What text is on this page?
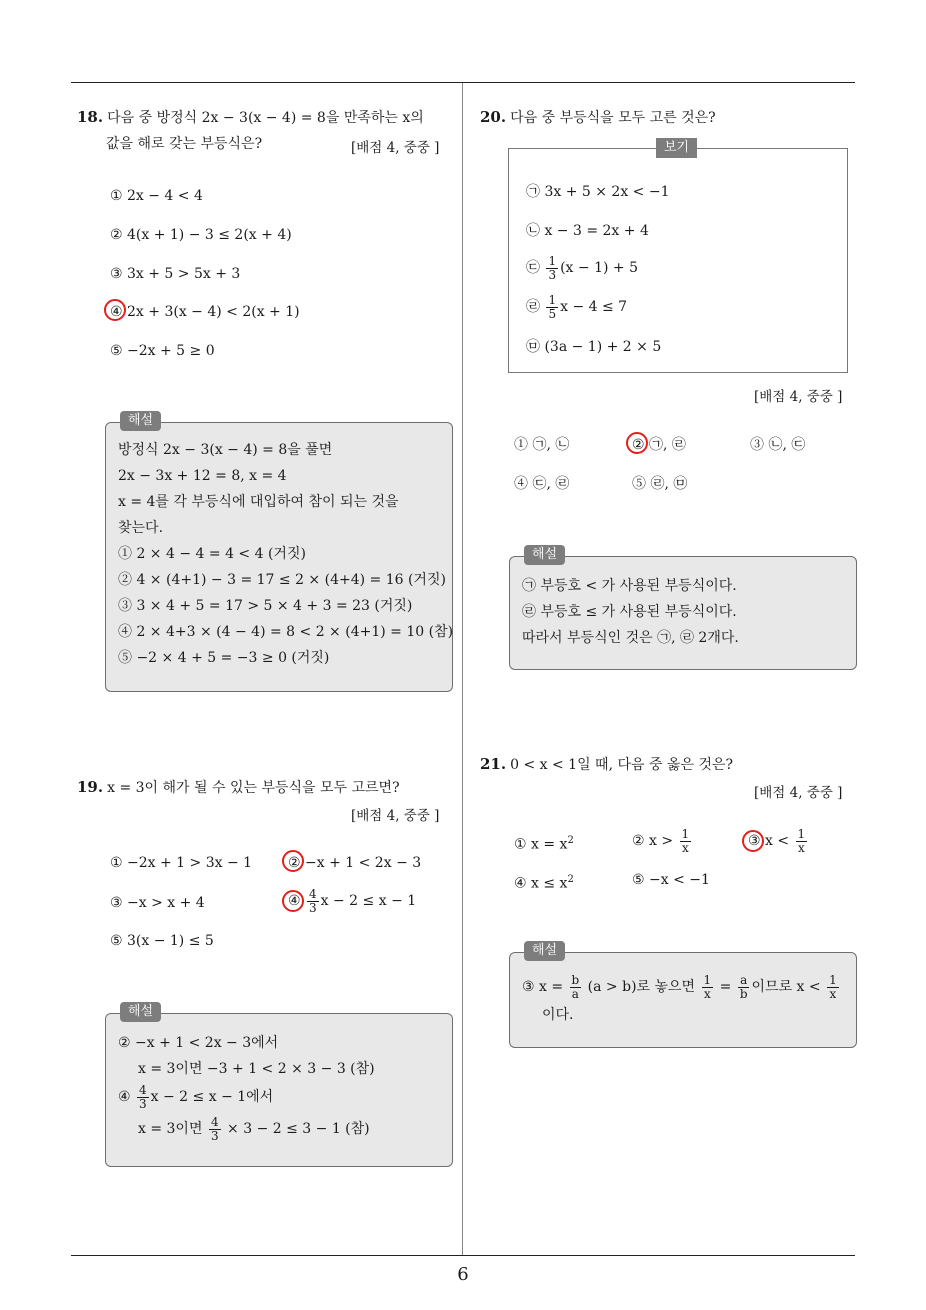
18. 다음 중 방정식 2x − 3(x − 4) = 8을 만족하는 x의
값을 해로 갖는 부등식은?	[배점 4, 중중 ]
① 2x − 4 < 4
② 4(x + 1) − 3 ≤ 2(x + 4)
③ 3x + 5 > 5x + 3
④ 2x + 3(x − 4) < 2(x + 1)
⑤ −2x + 5 ≥ 0
해설
방정식 2x − 3(x − 4) = 8을 풀면
2x − 3x + 12 = 8, x = 4
x = 4를 각 부등식에 대입하여 참이 되는 것을
찾는다.
① 2 × 4 − 4 = 4 < 4 (거짓)
② 4 × (4+1) − 3 = 17 ≤ 2 × (4+4) = 16 (거짓)
③ 3 × 4 + 5 = 17 > 5 × 4 + 3 = 23 (거짓)
④ 2 × 4+3 × (4 − 4) = 8 < 2 × (4+1) = 10 (참)
⑤ −2 × 4 + 5 = −3 ≥ 0 (거짓)
19. x = 3이 해가 될 수 있는 부등식을 모두 고르면?
[배점 4, 중중 ]
① −2x + 1 > 3x − 1	② −x + 1 < 2x − 3
③ −x > x + 4	④ $\frac{4}{3}$ x − 2 ≤ x − 1
⑤ 3(x − 1) ≤ 5
해설
② −x + 1 < 2x − 3에서
x = 3이면 −3 + 1 < 2 × 3 − 3 (참)
④ $\frac{4}{3}$ x − 2 ≤ x − 1에서
x = 3이면 $\frac{4}{3} \times 3 - 2 \le 3 - 1$ (참)
20. 다음 중 부등식을 모두 고른 것은?
보기
㉠ 3x + 5 × 2x < −1
㉡ x − 3 = 2x + 4
㉢ $\frac{1}{3} (x - 1) + 5$
㉣ $\frac{1}{5}$ x − 4 ≤ 7
㉤ (3a − 1) + 2 × 5
[배점 4, 중중 ]
① ㉠, ㉡	② ㉠, ㉣	③ ㉡, ㉢
④ ㉢, ㉣	⑤ ㉣, ㉤
해설
㉠ 부등호 < 가 사용된 부등식이다.
㉣ 부등호 ≤ 가 사용된 부등식이다.
따라서 부등식인 것은 ㉠, ㉣ 2개다.
21. 0 < x < 1일 때, 다음 중 옳은 것은?
[배점 4, 중중 ]
① $x = x^2$	② $x > \frac{1}{x}$	③ $x < \frac{1}{x}$
④ $x \le x^2$	⑤ −x < −1
해설
③ $x = \frac{b}{a} (a > b)$로 놓으면 $\frac{1}{x} = \frac{a}{b}$ 이므로 $x < \frac{1}{x}$
이다.
6
